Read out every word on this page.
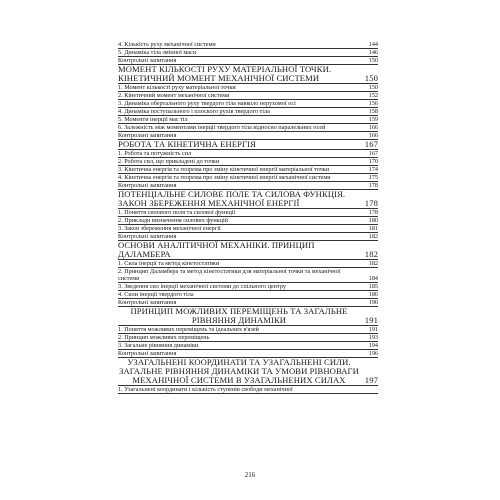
4. Кількість руху механічної системи	144
5. Динаміка тіла змінної маси	146
Контрольні запитання	150
МОМЕНТ КІЛЬКОСТІ РУХУ МАТЕРІАЛЬНОЇ ТОЧКИ. КІНЕТИЧНИЙ МОМЕНТ МЕХАНІЧНОЇ СИСТЕМИ	150
1. Момент кількості руху матеріальної точки	150
2. Кінетичний момент механічної системи	152
3. Динаміка обертального руху твердого тіла навколо нерухомої осі	156
4. Динаміка поступального і плоского рухів твердого тіла	158
5. Моменти інерції мас тіл	159
6. Залежність між моментами інерції твердого тіла відносно паралельних осей	166
Контрольні запитання	166
РОБОТА ТА КІНЕТИЧНА ЕНЕРГІЯ	167
1. Робота та потужність сил	167
2. Робота сил, що прикладені до точки	170
3. Кінетична енергія та теорема про зміну кінетичної енергії матеріальної точки	174
4. Кінетична енергія та теорема про зміну кінетичної енергії механічної системи	175
Контрольні запитання	178
ПОТЕНЦІАЛЬНЕ СИЛОВЕ ПОЛЕ ТА СИЛОВА ФУНКЦІЯ. ЗАКОН ЗБЕРЕЖЕННЯ МЕХАНІЧНОЇ ЕНЕРГІЇ	178
1. Поняття силового поля та силової функції	178
2. Приклади визначення силових функцій	180
3. Закон збереження механічної енергії	181
Контрольні запитання	182
ОСНОВИ АНАЛІТИЧНОЇ МЕХАНІКИ. ПРИНЦИП ДАЛАМБЕРА	182
1. Сила інерції та метод кінетостатики	182
2. Принцип Даламбера та метод кінетостатики для матеріальної точки та механічної системи	184
3. Зведення сил інерції механічної системи до спільного центру	185
4. Сили інерції твердого тіла	186
Контрольні запитання	190
ПРИНЦИП МОЖЛИВИХ ПЕРЕМІЩЕНЬ ТА ЗАГАЛЬНЕ РІВНЯННЯ ДИНАМІКИ	191
1. Поняття можливих переміщень та ідеальних в'язей	191
2. Принцип можливих переміщень	193
3. Загальне рівняння динаміки	194
Контрольні запитання	196
УЗАГАЛЬНЕНІ КООРДИНАТИ ТА УЗАГАЛЬНЕНІ СИЛИ. ЗАГАЛЬНЕ РІВНЯННЯ ДИНАМІКИ ТА УМОВИ РІВНОВАГИ МЕХАНІЧНОЇ СИСТЕМИ В УЗАГАЛЬНЕНИХ СИЛАХ	197
1. Узагальнені координати і кількість ступенів свободи механічної
216
